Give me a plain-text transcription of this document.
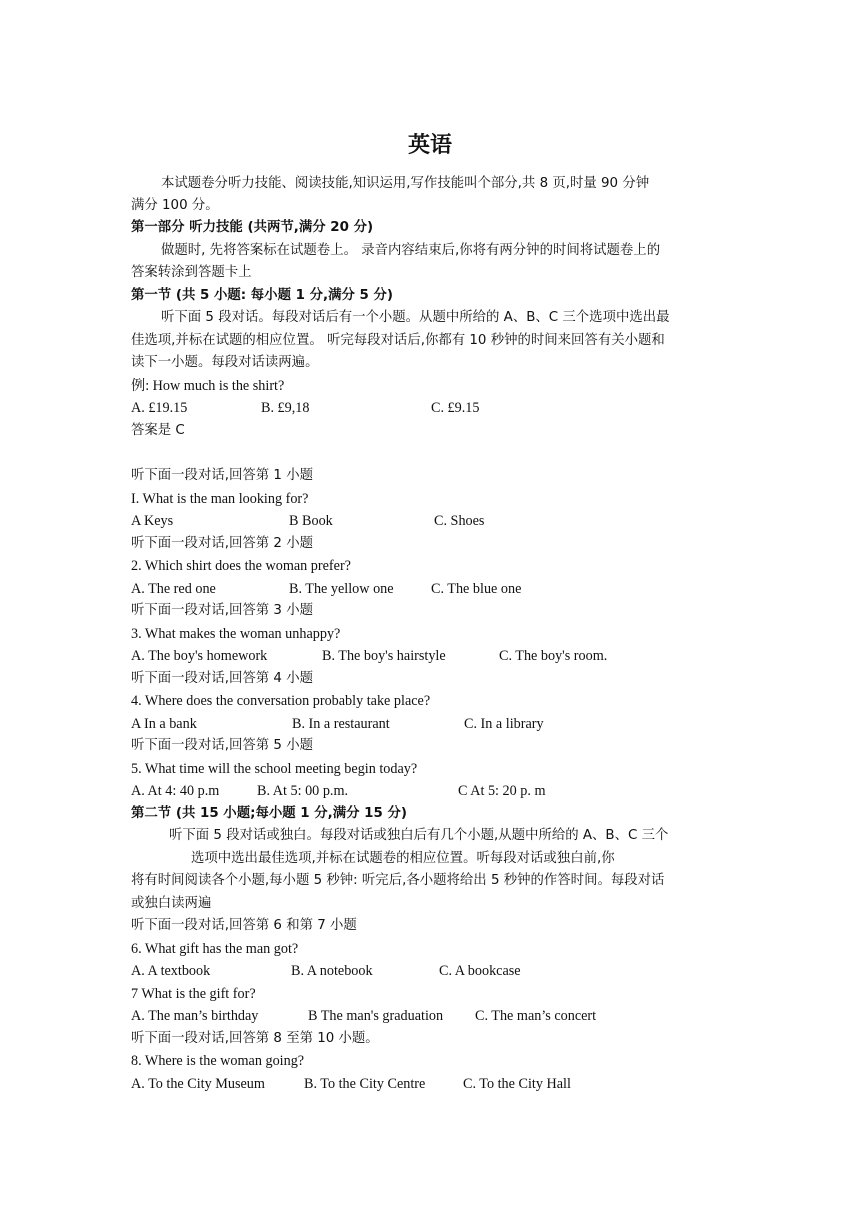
英语
本试题卷分听力技能、阅读技能,知识运用,写作技能叫个部分,共 8 页,时量 90 分钟
满分 100 分。
第一部分 听力技能 (共两节,满分 20 分)
做题时, 先将答案标在试题卷上。 录音内容结束后,你将有两分钟的时间将试题卷上的
答案转涂到答题卡上
第一节 (共 5 小题: 每小题 1 分,满分 5 分)
听下面 5 段对话。每段对话后有一个小题。从题中所给的 A、B、C 三个选项中选出最
佳选项,并标在试题的相应位置。 听完每段对话后,你都有 10 秒钟的时间来回答有关小题和
读下一小题。每段对话读两遍。
例: How much is the shirt?
A. £19.15	B. £9,18	C. £9.15
答案是 C
听下面一段对话,回答第 1 小题
I. What is the man looking for?
A Keys	B Book	C. Shoes
听下面一段对话,回答第 2 小题
2. Which shirt does the woman prefer?
A. The red one	B. The yellow one	C. The blue one
听下面一段对话,回答第 3 小题
3. What makes the woman unhappy?
A. The boy's homework	B. The boy's hairstyle	C. The boy's room.
听下面一段对话,回答第 4 小题
4. Where does the conversation probably take place?
A In a bank	B. In a restaurant	C. In a library
听下面一段对话,回答第 5 小题
5. What time will the school meeting begin today?
A. At 4: 40 p.m	B. At 5: 00 p.m.	C At 5: 20 p. m
第二节 (共 15 小题;每小题 1 分,满分 15 分)
听下面 5 段对话或独白。每段对话或独白后有几个小题,从题中所给的 A、B、C 三个
选项中选出最佳选项,并标在试题卷的相应位置。听每段对话或独白前,你
将有时间阅读各个小题,每小题 5 秒钟: 听完后,各小题将给出 5 秒钟的作答时间。每段对话
或独白读两遍
听下面一段对话,回答第 6 和第 7 小题
6. What gift has the man got?
A. A textbook	B. A notebook	C. A bookcase
7 What is the gift for?
A. The man’s birthday	B The man's graduation C. The man’s concert
听下面一段对话,回答第 8 至第 10 小题。
8. Where is the woman going?
A. To the City Museum	B. To the City Centre	C. To the City Hall
